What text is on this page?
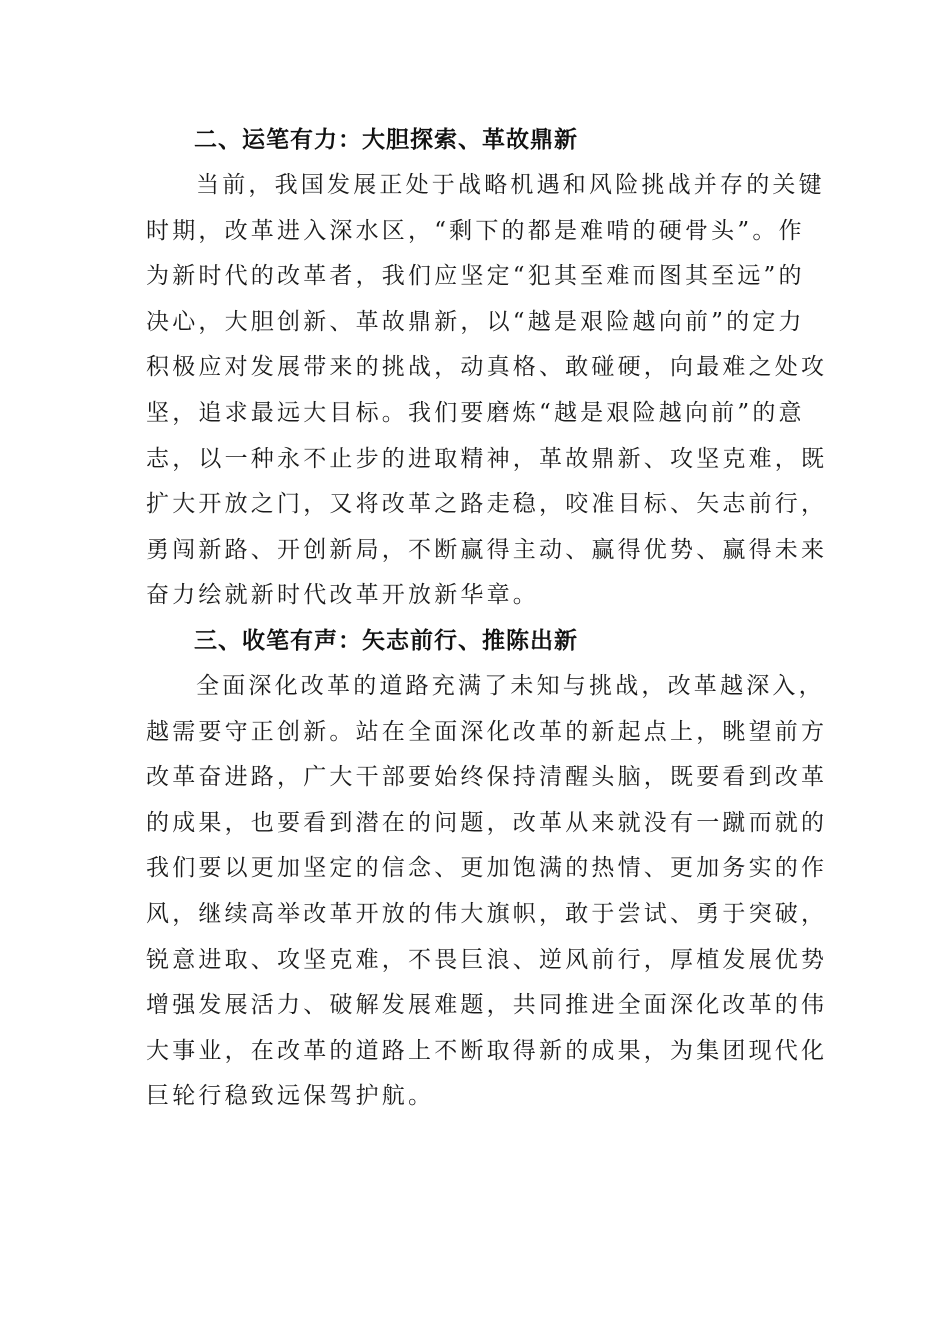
二、运笔有力：大胆探索、革故鼎新

当前，我国发展正处于战略机遇和风险挑战并存的关键
时期，改革进入深水区，“剩下的都是难啃的硬骨头”。作
为新时代的改革者，我们应坚定“犯其至难而图其至远”的
决心，大胆创新、革故鼎新，以“越是艰险越向前”的定力
积极应对发展带来的挑战，动真格、敢碰硬，向最难之处攻
坚，追求最远大目标。我们要磨炼“越是艰险越向前”的意
志，以一种永不止步的进取精神，革故鼎新、攻坚克难，既
扩大开放之门，又将改革之路走稳，咬准目标、矢志前行，
勇闯新路、开创新局，不断赢得主动、赢得优势、赢得未来
奋力绘就新时代改革开放新华章。

三、收笔有声：矢志前行、推陈出新

全面深化改革的道路充满了未知与挑战，改革越深入，
越需要守正创新。站在全面深化改革的新起点上，眺望前方
改革奋进路，广大干部要始终保持清醒头脑，既要看到改革
的成果，也要看到潜在的问题，改革从来就没有一蹴而就的
我们要以更加坚定的信念、更加饱满的热情、更加务实的作
风，继续高举改革开放的伟大旗帜，敢于尝试、勇于突破，
锐意进取、攻坚克难，不畏巨浪、逆风前行，厚植发展优势
增强发展活力、破解发展难题，共同推进全面深化改革的伟
大事业，在改革的道路上不断取得新的成果，为集团现代化
巨轮行稳致远保驾护航。
